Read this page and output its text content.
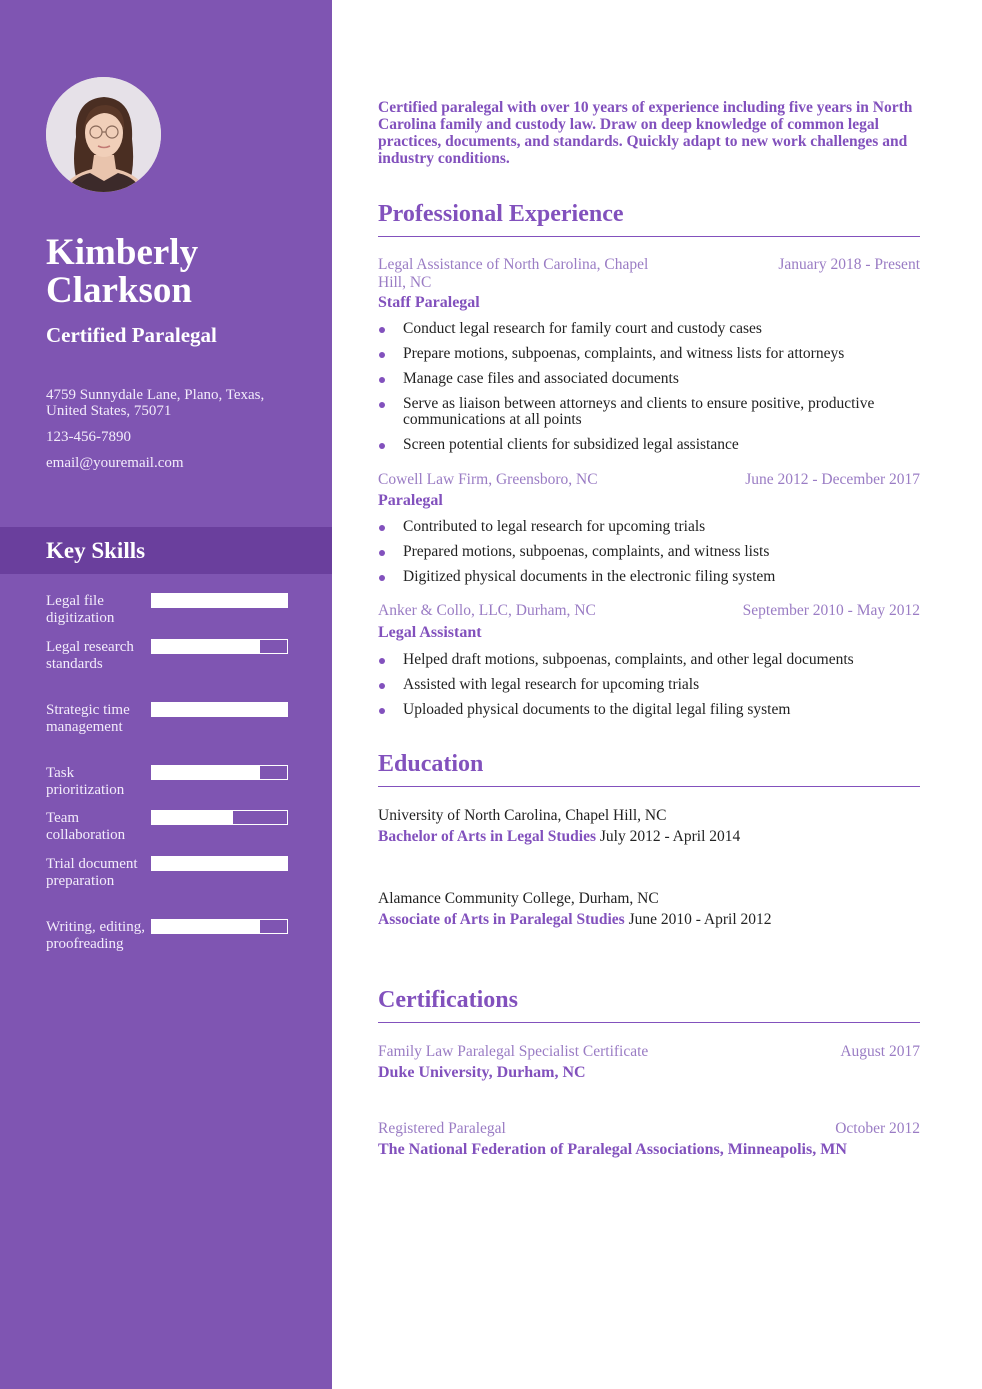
Kimberly
Clarkson
Certified Paralegal
4759 Sunnydale Lane, Plano, Texas, United States, 75071
123-456-7890
email@youremail.com
Key Skills
Legal file digitization
Legal research standards
Strategic time management
Task prioritization
Team collaboration
Trial document preparation
Writing, editing, proofreading

Certified paralegal with over 10 years of experience including five years in North Carolina family and custody law. Draw on deep knowledge of common legal practices, documents, and standards. Quickly adapt to new work challenges and industry conditions.

Professional Experience
Legal Assistance of North Carolina, Chapel Hill, NC
January 2018 - Present
Staff Paralegal
Conduct legal research for family court and custody cases
Prepare motions, subpoenas, complaints, and witness lists for attorneys
Manage case files and associated documents
Serve as liaison between attorneys and clients to ensure positive, productive communications at all points
Screen potential clients for subsidized legal assistance
Cowell Law Firm, Greensboro, NC	June 2012 - December 2017
Paralegal
Contributed to legal research for upcoming trials
Prepared motions, subpoenas, complaints, and witness lists
Digitized physical documents in the electronic filing system
Anker & Collo, LLC, Durham, NC	September 2010 - May 2012
Legal Assistant
Helped draft motions, subpoenas, complaints, and other legal documents
Assisted with legal research for upcoming trials
Uploaded physical documents to the digital legal filing system
Education
University of North Carolina, Chapel Hill, NC
Bachelor of Arts in Legal Studies July 2012 - April 2014
Alamance Community College, Durham, NC
Associate of Arts in Paralegal Studies June 2010 - April 2012
Certifications
Family Law Paralegal Specialist Certificate	August 2017
Duke University, Durham, NC
Registered Paralegal	October 2012
The National Federation of Paralegal Associations, Minneapolis, MN
